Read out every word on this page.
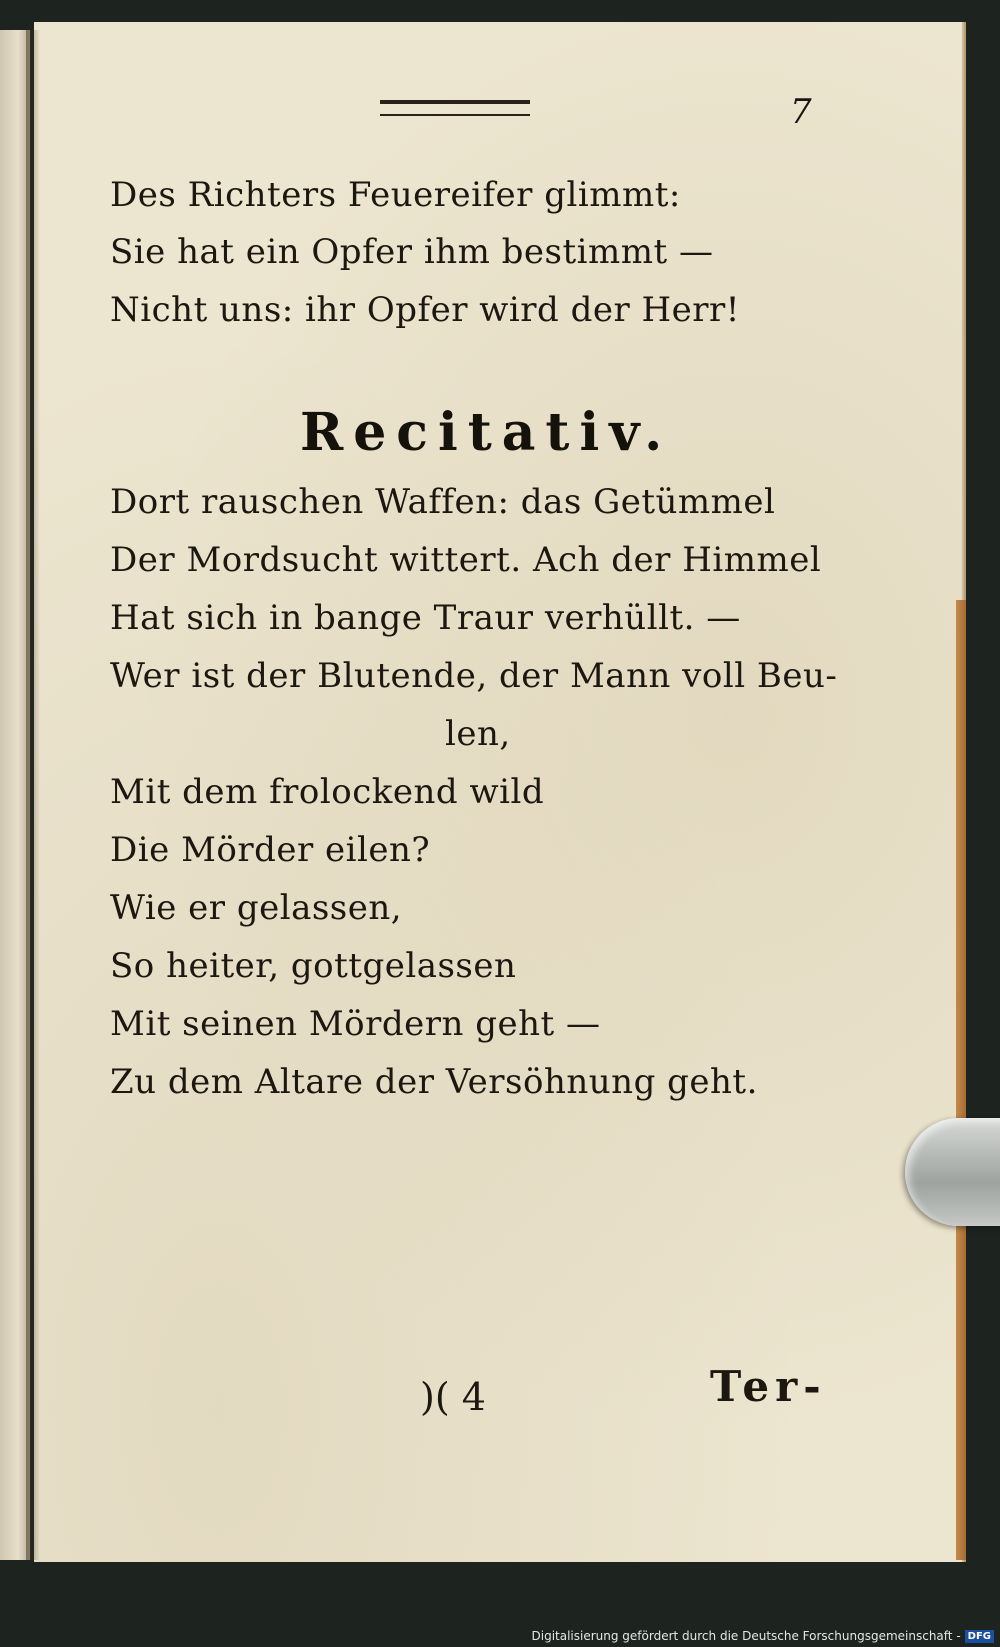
7
Des Richters Feuereifer glimmt:
Sie hat ein Opfer ihm bestimmt —
Nicht uns: ihr Opfer wird der Herr!
Recitativ.
Dort rauschen Waffen: das Getümmel
Der Mordsucht wittert. Ach der Himmel
Hat sich in bange Traur verhüllt. —
Wer ist der Blutende, der Mann voll Beu-
len,
Mit dem frolockend wild
Die Mörder eilen?
Wie er gelassen,
So heiter, gottgelassen
Mit seinen Mördern geht —
Zu dem Altare der Versöhnung geht.
)( 4	Ter-
Digitalisierung gefördert durch die Deutsche Forschungsgemeinschaft - DFG
